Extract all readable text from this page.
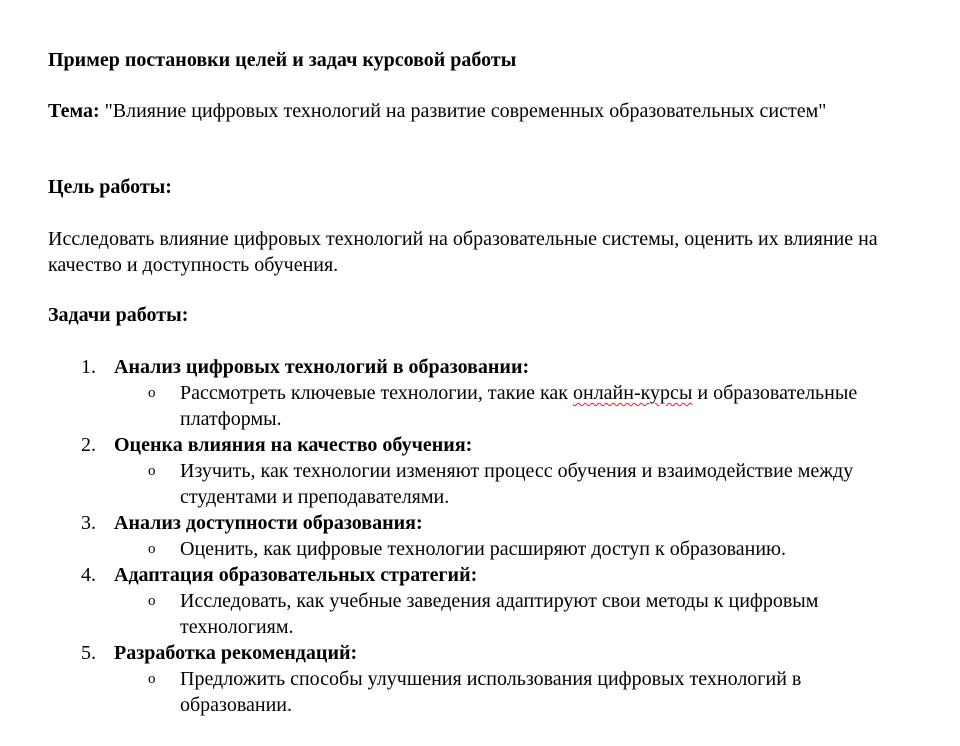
Пример постановки целей и задач курсовой работы

Тема: "Влияние цифровых технологий на развитие современных образовательных систем"

Цель работы:

Исследовать влияние цифровых технологий на образовательные системы, оценить их влияние на качество и доступность обучения.

Задачи работы:

1. Анализ цифровых технологий в образовании:
o Рассмотреть ключевые технологии, такие как онлайн-курсы и образовательные платформы.
2. Оценка влияния на качество обучения:
o Изучить, как технологии изменяют процесс обучения и взаимодействие между студентами и преподавателями.
3. Анализ доступности образования:
o Оценить, как цифровые технологии расширяют доступ к образованию.
4. Адаптация образовательных стратегий:
o Исследовать, как учебные заведения адаптируют свои методы к цифровым технологиям.
5. Разработка рекомендаций:
o Предложить способы улучшения использования цифровых технологий в образовании.
